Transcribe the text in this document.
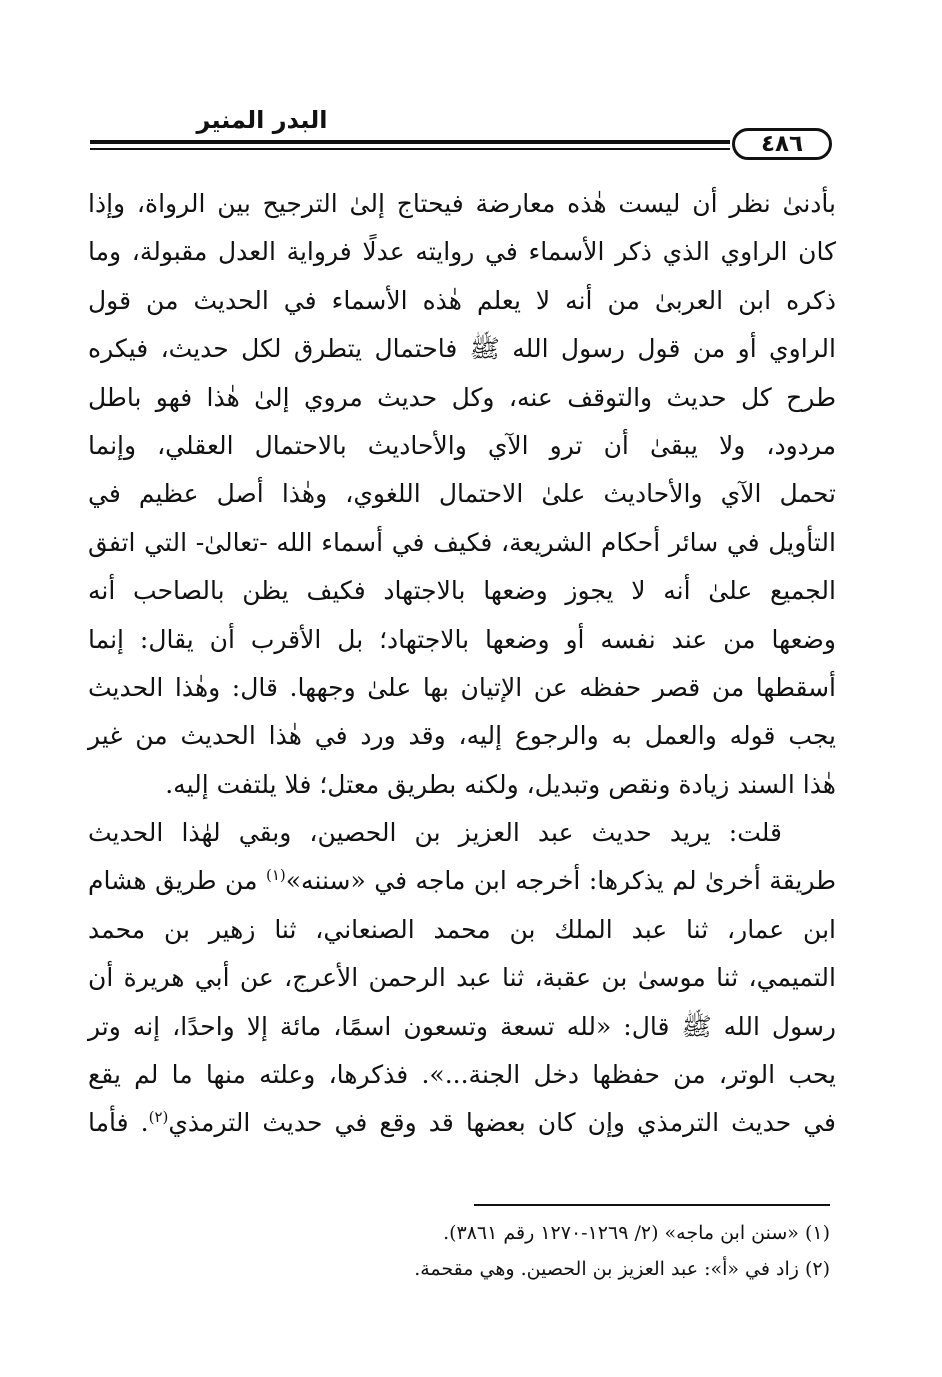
البدر المنير
٤٨٦
بأدنىٰ نظر أن ليست هٰذه معارضة فيحتاج إلىٰ الترجيح بين الرواة، وإذا
كان الراوي الذي ذكر الأسماء في روايته عدلًا فرواية العدل مقبولة، وما
ذكره ابن العربىٰ من أنه لا يعلم هٰذه الأسماء في الحديث من قول
الراوي أو من قول رسول الله ﷺ فاحتمال يتطرق لكل حديث، فيكره
طرح كل حديث والتوقف عنه، وكل حديث مروي إلىٰ هٰذا فهو باطل
مردود، ولا يبقىٰ أن ترو الآي والأحاديث بالاحتمال العقلي، وإنما
تحمل الآي والأحاديث علىٰ الاحتمال اللغوي، وهٰذا أصل عظيم في
التأويل في سائر أحكام الشريعة، فكيف في أسماء الله -تعالىٰ- التي اتفق
الجميع علىٰ أنه لا يجوز وضعها بالاجتهاد فكيف يظن بالصاحب أنه
وضعها من عند نفسه أو وضعها بالاجتهاد؛ بل الأقرب أن يقال: إنما
أسقطها من قصر حفظه عن الإتيان بها علىٰ وجهها. قال: وهٰذا الحديث
يجب قوله والعمل به والرجوع إليه، وقد ورد في هٰذا الحديث من غير
هٰذا السند زيادة ونقص وتبديل، ولكنه بطريق معتل؛ فلا يلتفت إليه.
قلت: يريد حديث عبد العزيز بن الحصين، وبقي لهٰذا الحديث
طريقة أخرىٰ لم يذكرها: أخرجه ابن ماجه في «سننه»$^{(١)}$ من طريق هشام
ابن عمار، ثنا عبد الملك بن محمد الصنعاني، ثنا زهير بن محمد
التميمي، ثنا موسىٰ بن عقبة، ثنا عبد الرحمن الأعرج، عن أبي هريرة أن
رسول الله ﷺ قال: «لله تسعة وتسعون اسمًا، مائة إلا واحدًا، إنه وتر
يحب الوتر، من حفظها دخل الجنة...». فذكرها، وعلته منها ما لم يقع
في حديث الترمذي وإن كان بعضها قد وقع في حديث الترمذي$^{(٢)}$. فأما
(١) «سنن ابن ماجه» (٢/ ١٢٦٩-١٢٧٠ رقم ٣٨٦١).
(٢) زاد في «أ»: عبد العزيز بن الحصين. وهي مقحمة.
